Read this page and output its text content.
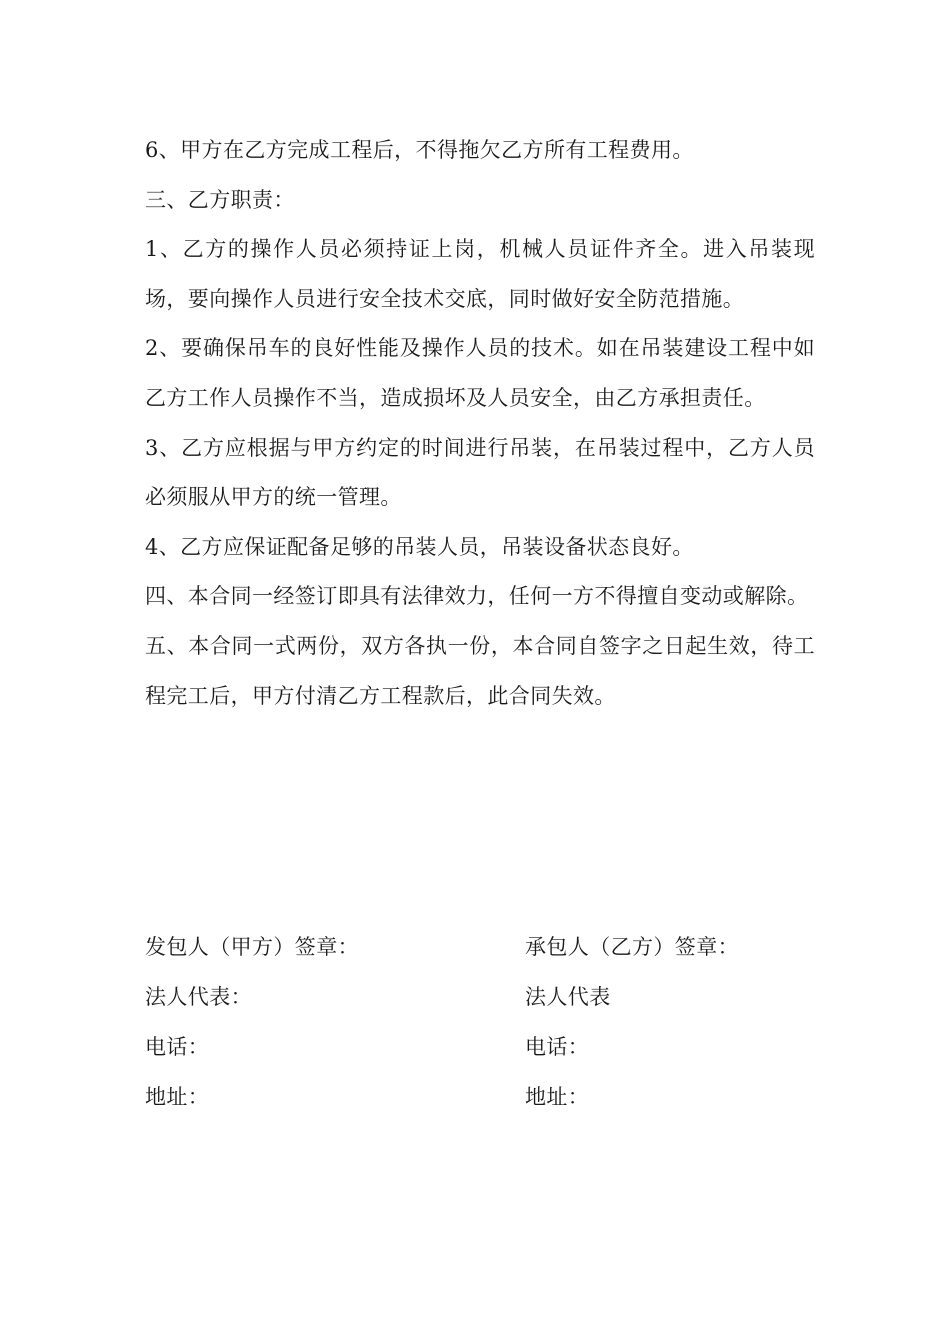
6、甲方在乙方完成工程后，不得拖欠乙方所有工程费用。

三、乙方职责：

1、乙方的操作人员必须持证上岗，机械人员证件齐全。进入吊装现场，要向操作人员进行安全技术交底，同时做好安全防范措施。

2、要确保吊车的良好性能及操作人员的技术。如在吊装建设工程中如乙方工作人员操作不当，造成损坏及人员安全，由乙方承担责任。

3、乙方应根据与甲方约定的时间进行吊装，在吊装过程中，乙方人员必须服从甲方的统一管理。

4、乙方应保证配备足够的吊装人员，吊装设备状态良好。

四、本合同一经签订即具有法律效力，任何一方不得擅自变动或解除。

五、本合同一式两份，双方各执一份，本合同自签字之日起生效，待工程完工后，甲方付清乙方工程款后，此合同失效。

发包人（甲方）签章：	承包人（乙方）签章：
法人代表：	法人代表
电话：	电话：
地址：	地址：
